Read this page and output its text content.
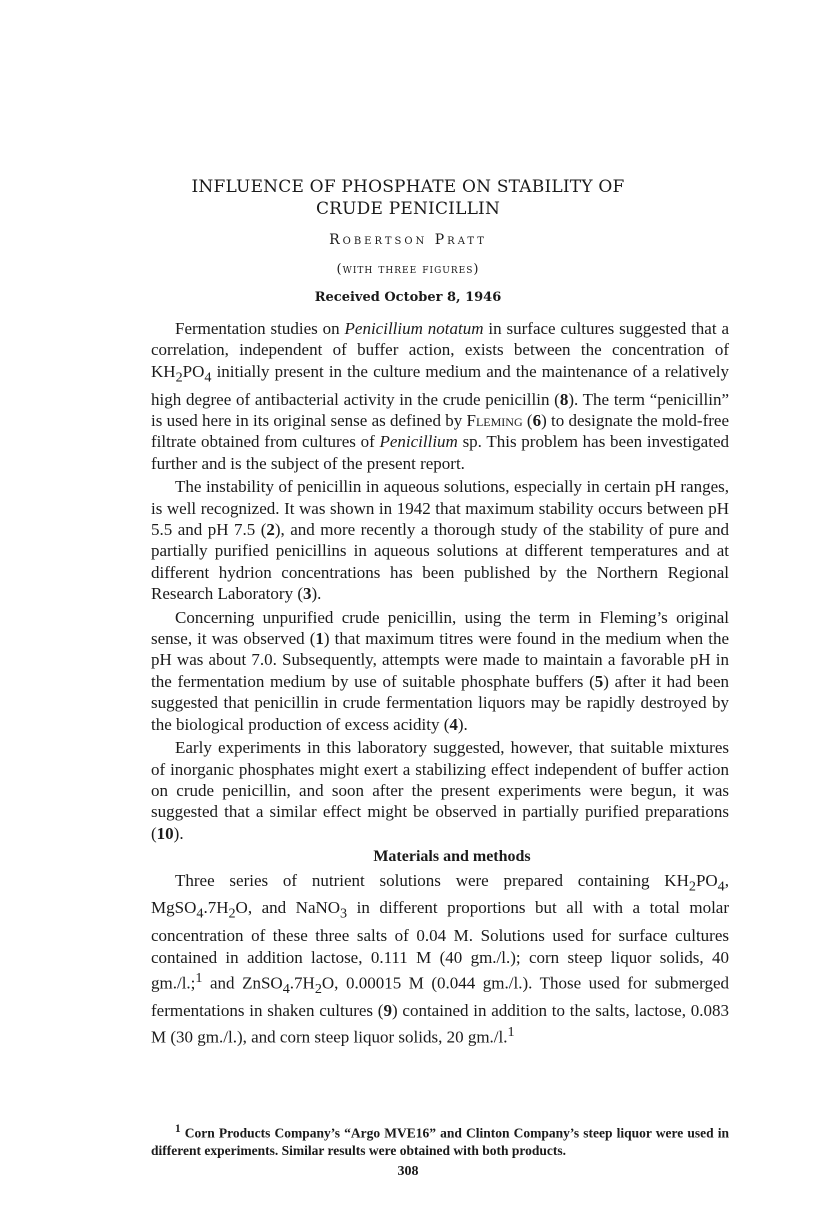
INFLUENCE OF PHOSPHATE ON STABILITY OF
CRUDE PENICILLIN
Robertson Pratt
(with three figures)
Received October 8, 1946

Fermentation studies on Penicillium notatum in surface cultures suggested that a correlation, independent of buffer action, exists between the concentration of $KH_2PO_4$ initially present in the culture medium and the maintenance of a relatively high degree of antibacterial activity in the crude penicillin (8). The term “penicillin” is used here in its original sense as defined by Fleming (6) to designate the mold-free filtrate obtained from cultures of Penicillium sp. This problem has been investigated further and is the subject of the present report.

The instability of penicillin in aqueous solutions, especially in certain pH ranges, is well recognized. It was shown in 1942 that maximum stability occurs between pH 5.5 and pH 7.5 (2), and more recently a thorough study of the stability of pure and partially purified penicillins in aqueous solutions at different temperatures and at different hydrion concentrations has been published by the Northern Regional Research Laboratory (3).

Concerning unpurified crude penicillin, using the term in Fleming’s original sense, it was observed (1) that maximum titres were found in the medium when the pH was about 7.0. Subsequently, attempts were made to maintain a favorable pH in the fermentation medium by use of suitable phosphate buffers (5) after it had been suggested that penicillin in crude fermentation liquors may be rapidly destroyed by the biological production of excess acidity (4).

Early experiments in this laboratory suggested, however, that suitable mixtures of inorganic phosphates might exert a stabilizing effect independent of buffer action on crude penicillin, and soon after the present experiments were begun, it was suggested that a similar effect might be observed in partially purified preparations (10).

Materials and methods

Three series of nutrient solutions were prepared containing $KH_2PO_4$, $MgSO_4.7H_2O$, and NaNO$_3$ in different proportions but all with a total molar concentration of these three salts of 0.04 M. Solutions used for surface cultures contained in addition lactose, 0.111 M (40 gm./l.); corn steep liquor solids, 40 gm./l.;$^1$ and $ZnSO_4.7H_2O$, 0.00015 M (0.044 gm./l.). Those used for submerged fermentations in shaken cultures (9) contained in addition to the salts, lactose, 0.083 M (30 gm./l.), and corn steep liquor solids, 20 gm./l.$^1$

$^1$ Corn Products Company’s “Argo MVE16” and Clinton Company’s steep liquor were used in different experiments. Similar results were obtained with both products.
308
